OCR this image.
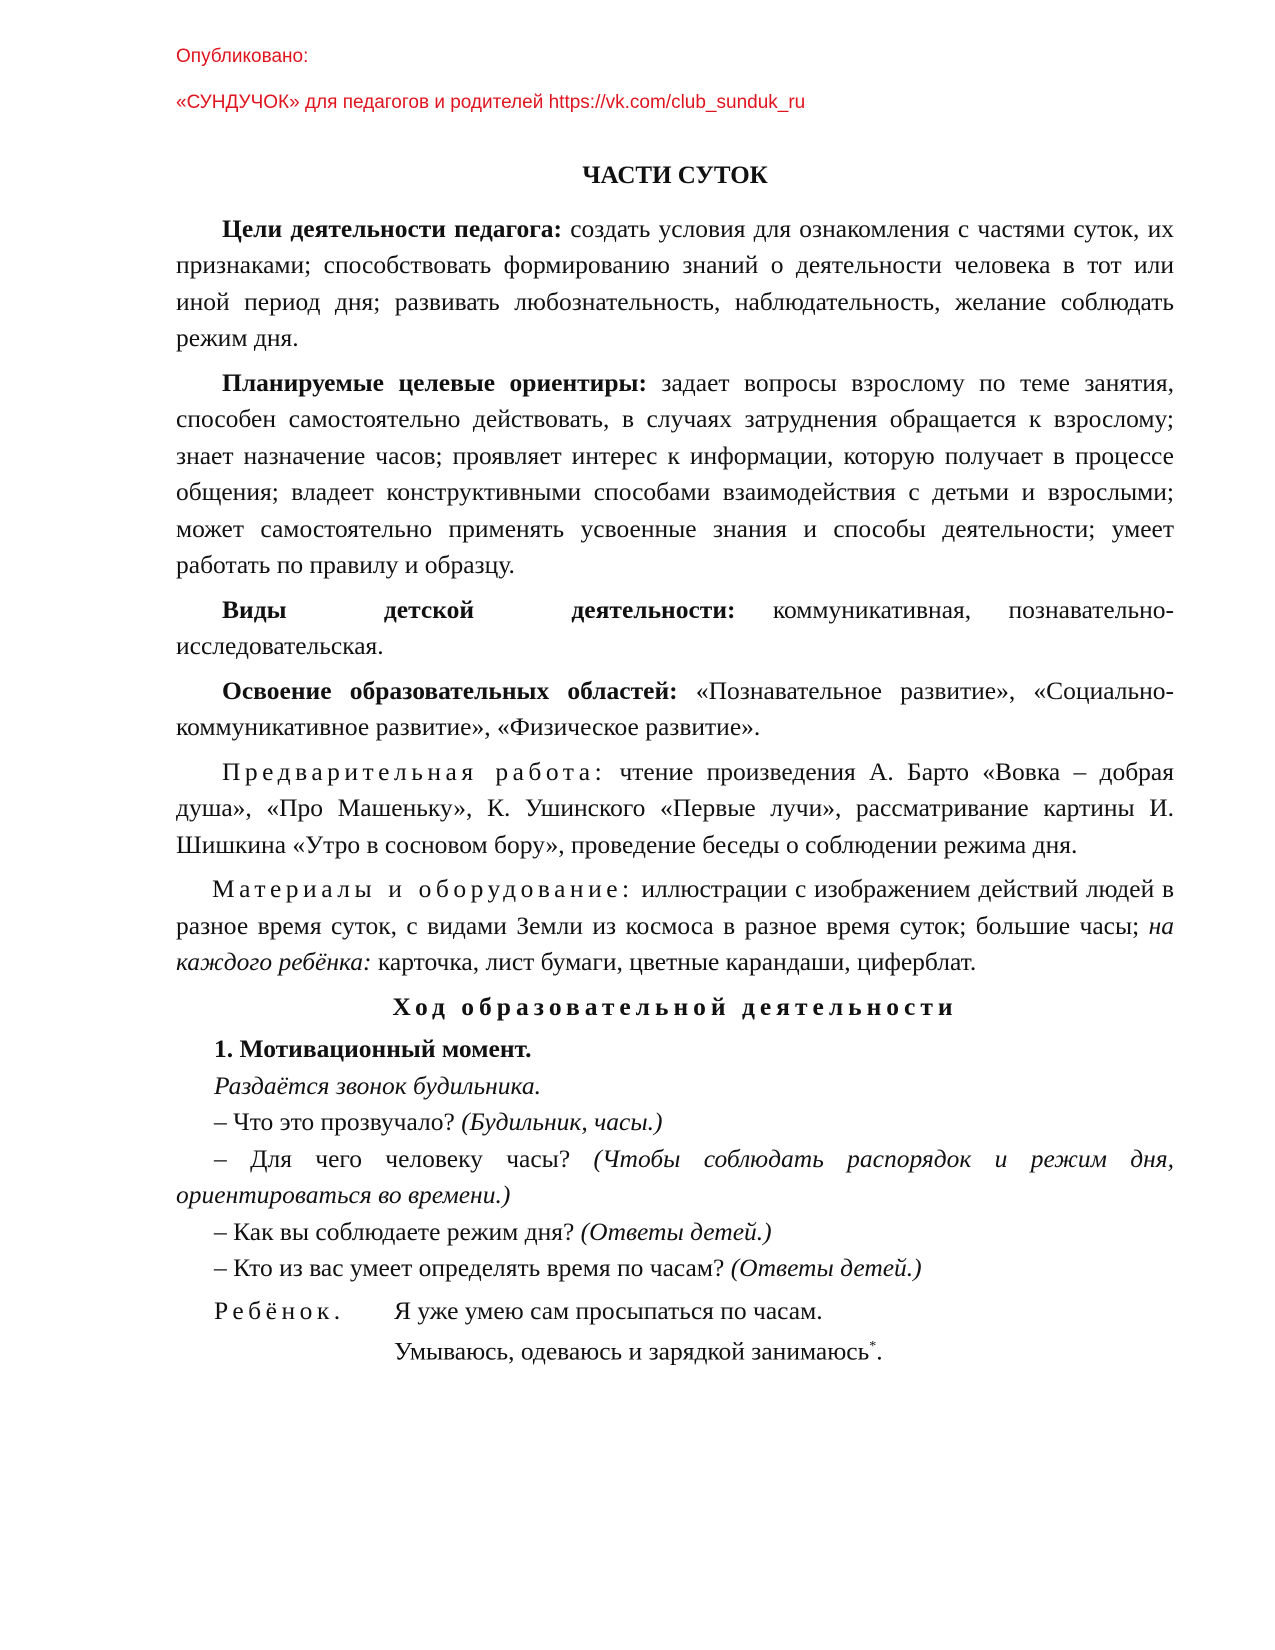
Опубликовано:
«СУНДУЧОК» для педагогов и родителей https://vk.com/club_sunduk_ru
ЧАСТИ СУТОК

Цели деятельности педагога: создать условия для ознакомления с частями суток, их признаками; способствовать формированию знаний о деятельности человека в тот или иной период дня; развивать любознательность, наблюдательность, желание соблюдать режим дня.

Планируемые целевые ориентиры: задает вопросы взрослому по теме занятия, способен самостоятельно действовать, в случаях затруднения обращается к взрослому; знает назначение часов; проявляет интерес к информации, которую получает в процессе общения; владеет конструктивными способами взаимодействия с детьми и взрослыми; может самостоятельно применять усвоенные знания и способы деятельности; умеет работать по правилу и образцу.

Виды детской деятельности: коммуникативная, познавательно-исследовательская.

Освоение образовательных областей: «Познавательное развитие», «Социально-коммуникативное развитие», «Физическое развитие».

Предварительная работа: чтение произведения А. Барто «Вовка – добрая душа», «Про Машеньку», К. Ушинского «Первые лучи», рассматривание картины И. Шишкина «Утро в сосновом бору», проведение беседы о соблюдении режима дня.

Материалы и оборудование: иллюстрации с изображением действий людей в разное время суток, с видами Земли из космоса в разное время суток; большие часы; на каждого ребёнка: карточка, лист бумаги, цветные карандаши, циферблат.

Ход образовательной деятельности

1. Мотивационный момент.

Раздаётся звонок будильника.

– Что это прозвучало? (Будильник, часы.)

– Для чего человеку часы? (Чтобы соблюдать распорядок и режим дня, ориентироваться во времени.)

– Как вы соблюдаете режим дня? (Ответы детей.)

– Кто из вас умеет определять время по часам? (Ответы детей.)

Ребёнок.	Я уже умею сам просыпаться по часам.
Умываюсь, одеваюсь и зарядкой занимаюсь*.
